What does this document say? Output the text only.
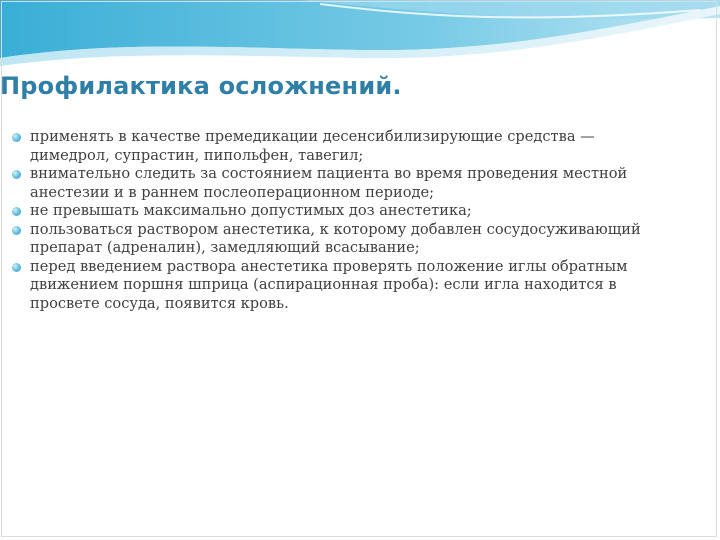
Профилактика осложнений.
применять в качестве премедикации десенсибилизирующие средства — димедрол, супрастин, пипольфен, тавегил;
внимательно следить за состоянием пациента во время проведения местной анестезии и в раннем послеоперационном периоде;
не превышать максимально допустимых доз анестетика;
пользоваться раствором анестетика, к которому добавлен сосудосуживающий препарат (адреналин), замедляющий всасывание;
перед введением раствора анестетика проверять положение иглы обратным движением поршня шприца (аспирационная проба): если игла находится в просвете сосуда, появится кровь.
